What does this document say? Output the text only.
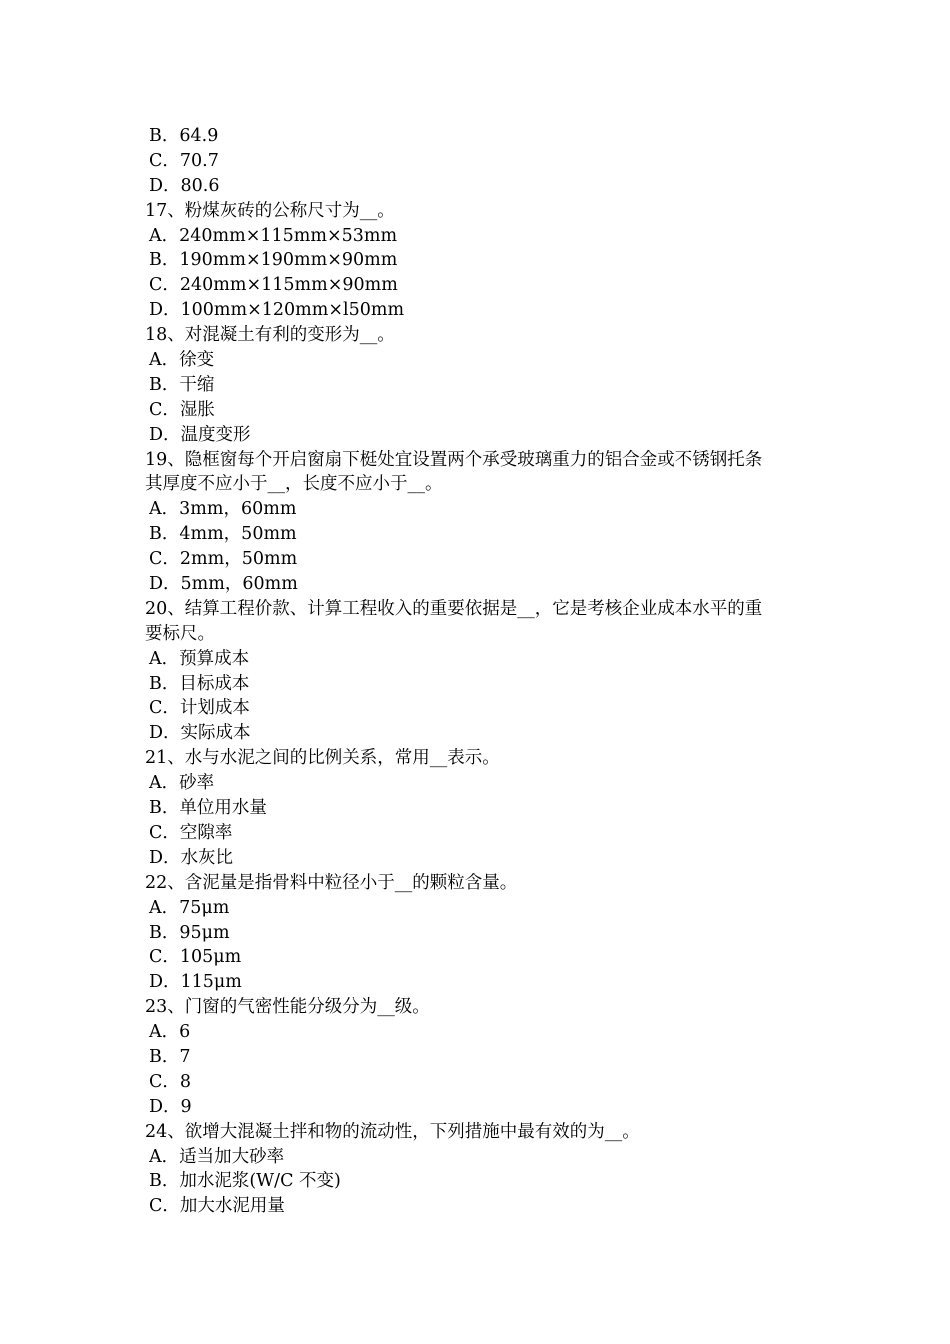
B．64.9
C．70.7
D．80.6
17、粉煤灰砖的公称尺寸为__。
A．240mm×115mm×53mm
B．190mm×190mm×90mm
C．240mm×115mm×90mm
D．100mm×120mm×l50mm
18、对混凝土有利的变形为__。
A．徐变
B．干缩
C．湿胀
D．温度变形
19、隐框窗每个开启窗扇下梃处宜设置两个承受玻璃重力的铝合金或不锈钢托条
其厚度不应小于__，长度不应小于__。
A．3mm，60mm
B．4mm，50mm
C．2mm，50mm
D．5mm，60mm
20、结算工程价款、计算工程收入的重要依据是__，它是考核企业成本水平的重
要标尺。
A．预算成本
B．目标成本
C．计划成本
D．实际成本
21、水与水泥之间的比例关系，常用__表示。
A．砂率
B．单位用水量
C．空隙率
D．水灰比
22、含泥量是指骨料中粒径小于__的颗粒含量。
A．75μm
B．95μm
C．105μm
D．115μm
23、门窗的气密性能分级分为__级。
A．6
B．7
C．8
D．9
24、欲增大混凝土拌和物的流动性，下列措施中最有效的为__。
A．适当加大砂率
B．加水泥浆(W/C 不变)
C．加大水泥用量
